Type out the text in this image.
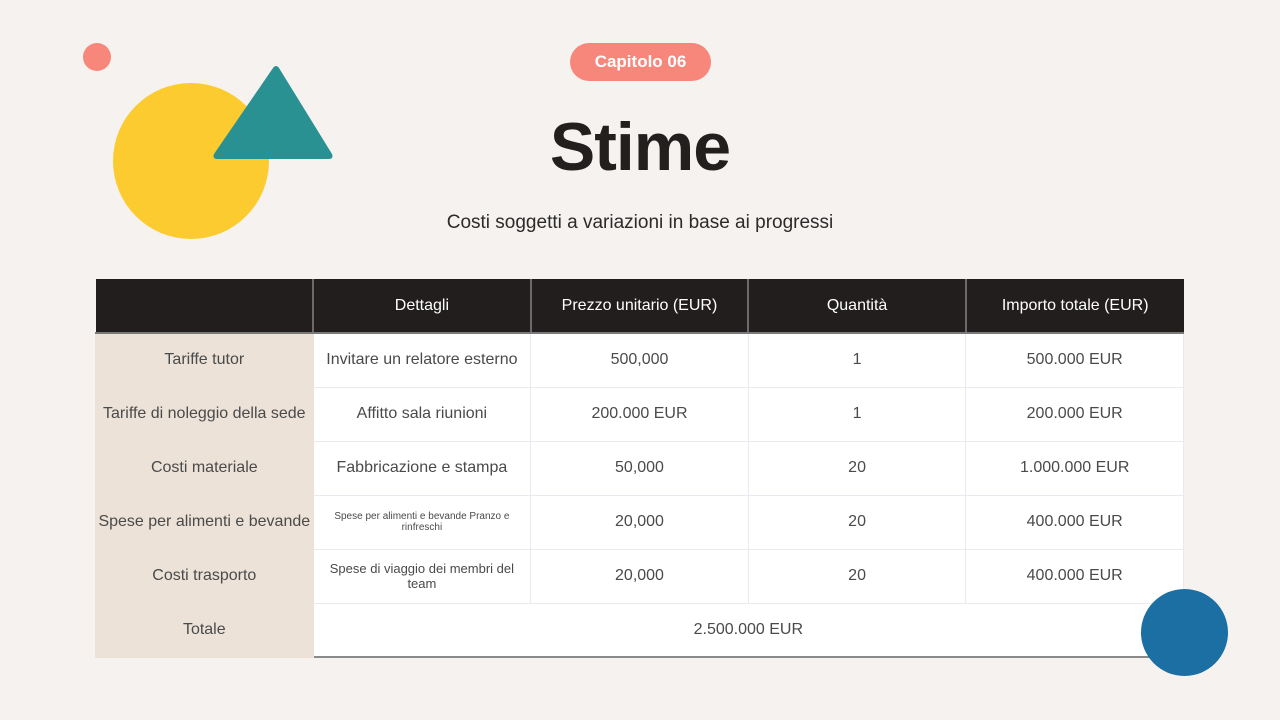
Capitolo 06
Stime

Costi soggetti a variazioni in base ai progressi

	Dettagli	Prezzo unitario (EUR)	Quantità	Importo totale (EUR)
Tariffe tutor	Invitare un relatore esterno	500,000	1	500.000 EUR
Tariffe di noleggio della sede	Affitto sala riunioni	200.000 EUR	1	200.000 EUR
Costi materiale	Fabbricazione e stampa	50,000	20	1.000.000 EUR
Spese per alimenti e bevande	Spese per alimenti e bevande Pranzo e rinfreschi	20,000	20	400.000 EUR
Costi trasporto	Spese di viaggio dei membri del team	20,000	20	400.000 EUR
Totale	2.500.000 EUR			
